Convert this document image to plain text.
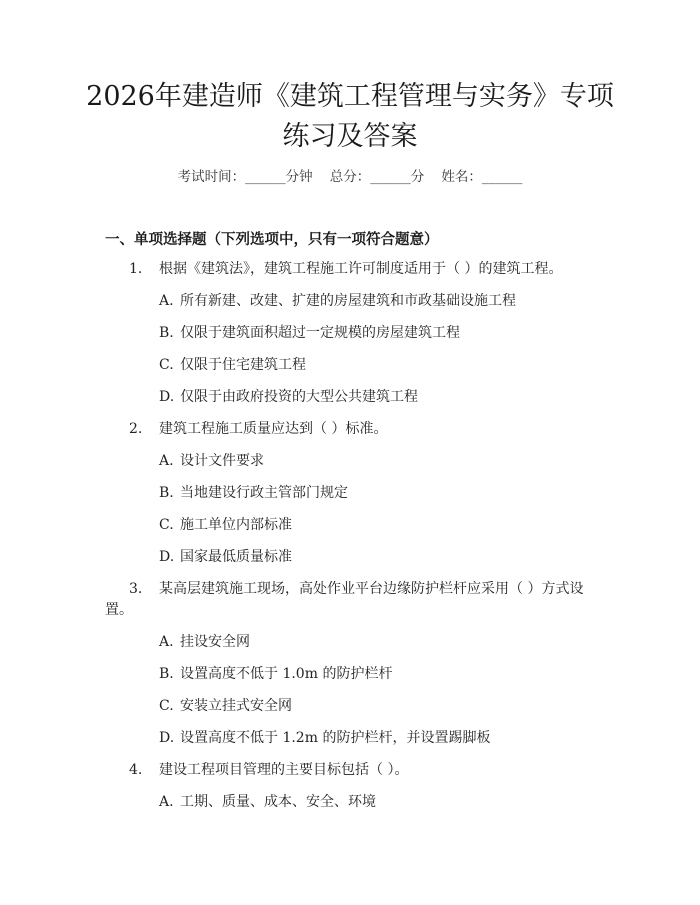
2026年建造师《建筑工程管理与实务》专项
练习及答案
考试时间：______分钟    总分：______分    姓名：______
一、单项选择题（下列选项中，只有一项符合题意）
1. 根据《建筑法》，建筑工程施工许可制度适用于（ ）的建筑工程。
A. 所有新建、改建、扩建的房屋建筑和市政基础设施工程
B. 仅限于建筑面积超过一定规模的房屋建筑工程
C. 仅限于住宅建筑工程
D. 仅限于由政府投资的大型公共建筑工程
2. 建筑工程施工质量应达到（ ）标准。
A. 设计文件要求
B. 当地建设行政主管部门规定
C. 施工单位内部标准
D. 国家最低质量标准
3. 某高层建筑施工现场，高处作业平台边缘防护栏杆应采用（ ）方式设
置。
A. 挂设安全网
B. 设置高度不低于 1.0m 的防护栏杆
C. 安装立挂式安全网
D. 设置高度不低于 1.2m 的防护栏杆，并设置踢脚板
4. 建设工程项目管理的主要目标包括（ ）。
A. 工期、质量、成本、安全、环境
